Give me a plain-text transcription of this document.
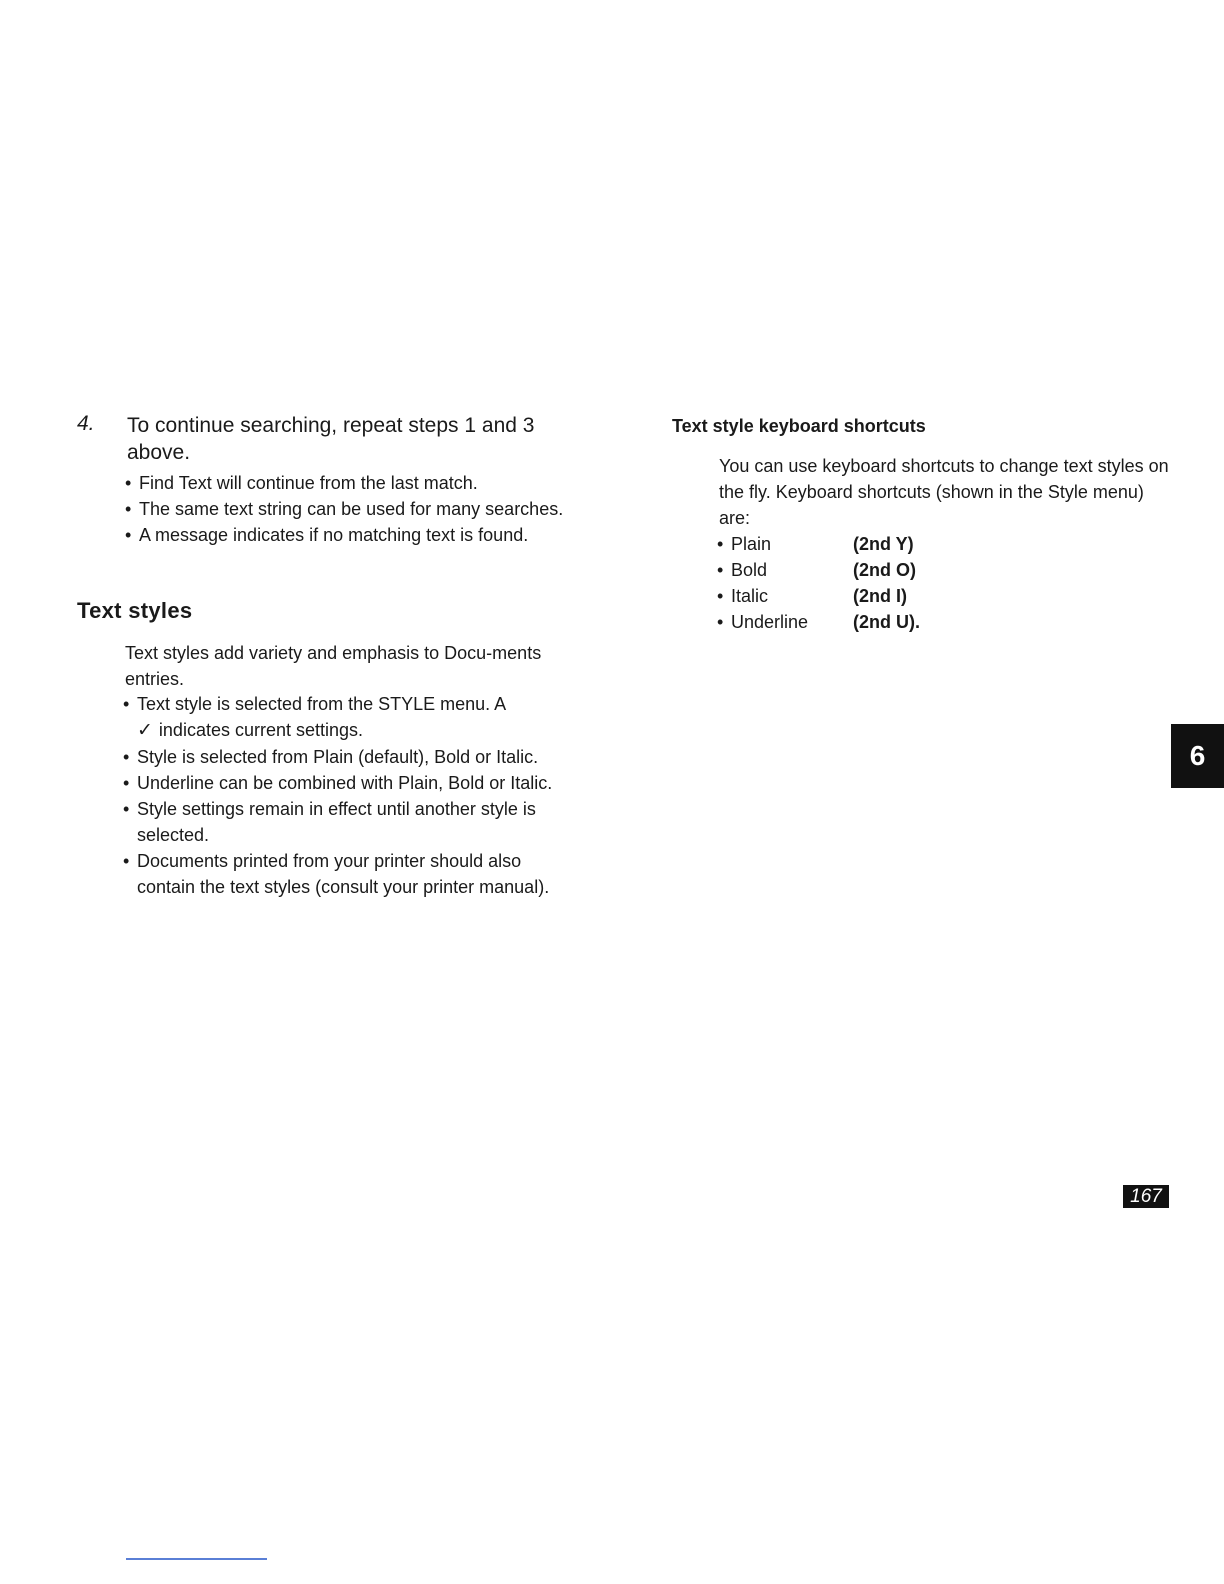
4. To continue searching, repeat steps 1 and 3 above.
• Find Text will continue from the last match.
• The same text string can be used for many searches.
• A message indicates if no matching text is found.
Text styles
Text styles add variety and emphasis to Docu-ments entries.
• Text style is selected from the STYLE menu. A
✓ indicates current settings.
• Style is selected from Plain (default), Bold or Italic.
• Underline can be combined with Plain, Bold or Italic.
• Style settings remain in effect until another style is selected.
• Documents printed from your printer should also contain the text styles (consult your printer manual).
Text style keyboard shortcuts
You can use keyboard shortcuts to change text styles on the fly. Keyboard shortcuts (shown in the Style menu) are:
• Plain	(2nd Y)
• Bold	(2nd O)
• Italic	(2nd I)
• Underline	(2nd U).
6
167
